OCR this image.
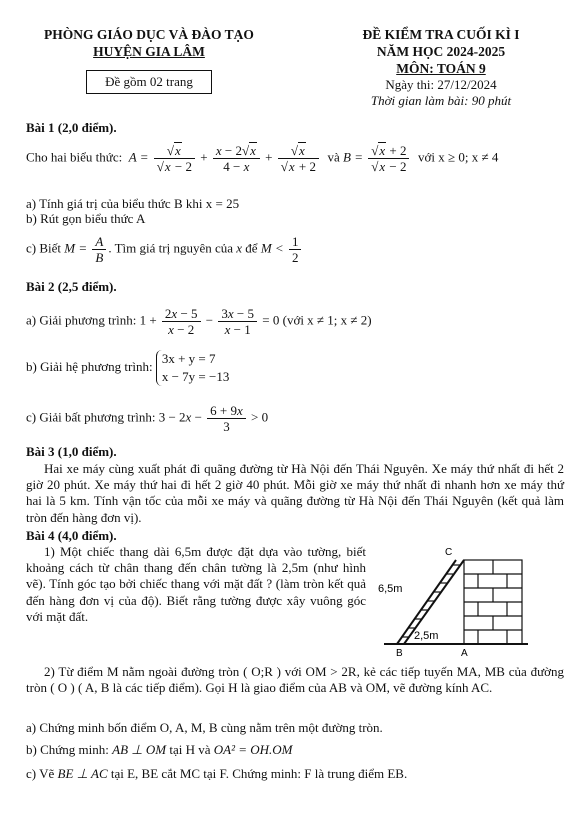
PHÒNG GIÁO DỤC VÀ ĐÀO TẠO
HUYỆN GIA LÂM
Đề gồm 02 trang
ĐỀ KIỂM TRA CUỐI KÌ I
NĂM HỌC 2024-2025
MÔN: TOÁN 9
Ngày thi: 27/12/2024
Thời gian làm bài: 90 phút
Bài 1 (2,0 điểm).
Cho hai biểu thức:  $A = \frac{√x}{√x - 2} + \frac{x - 2√x}{4 - x} + \frac{√x}{√x + 2}$ và $B = \frac{√x + 2}{√x - 2}$ với x ≥ 0; x ≠ 4
a) Tính giá trị của biểu thức B khi x = 25
b) Rút gọn biểu thức A
c) Biết $M = \frac{A}{B}$ . Tìm giá trị nguyên của x để $M < \frac{1}{2}$
Bài 2 (2,5 điểm).
a) Giải phương trình: $1 + \frac{2x - 5}{x - 2} - \frac{3x - 5}{x - 1} = 0$ (với x ≠ 1; x ≠ 2)
b) Giải hệ phương trình:
3x + y = 7
x − 7y = −13
c) Giải bất phương trình: $3 - 2x - \frac{6 + 9x}{3} > 0$
Bài 3 (1,0 điểm).
Hai xe máy cùng xuất phát đi quãng đường từ Hà Nội đến Thái Nguyên. Xe máy thứ nhất đi hết 2 giờ 20 phút. Xe máy thứ hai đi hết 2 giờ 40 phút. Mỗi giờ xe máy thứ nhất đi nhanh hơn xe máy thứ hai là 5 km. Tính vận tốc của mỗi xe máy và quãng đường từ Hà Nội đến Thái Nguyên (kết quả làm tròn đến hàng đơn vị).
Bài 4 (4,0 điểm).
1) Một chiếc thang dài 6,5m được đặt dựa vào tường, biết khoảng cách từ chân thang đến chân tường là 2,5m (như hình vẽ). Tính góc tạo bởi chiếc thang với mặt đất ? (làm tròn kết quả đến hàng đơn vị của độ). Biết rằng tường được xây vuông góc với mặt đất.
C
6,5m
2,5m
B	A
2) Từ điểm M nằm ngoài đường tròn ( O;R ) với OM > 2R, kẻ các tiếp tuyến MA, MB của đường tròn ( O ) ( A, B là các tiếp điểm). Gọi H là giao điểm của AB và OM, vẽ đường kính AC.
a) Chứng minh bốn điểm O, A, M, B cùng nằm trên một đường tròn.
b) Chứng minh: AB ⊥ OM tại H và OA² = OH.OM
c) Vẽ BE ⊥ AC tại E, BE cắt MC tại F. Chứng minh: F là trung điểm EB.
